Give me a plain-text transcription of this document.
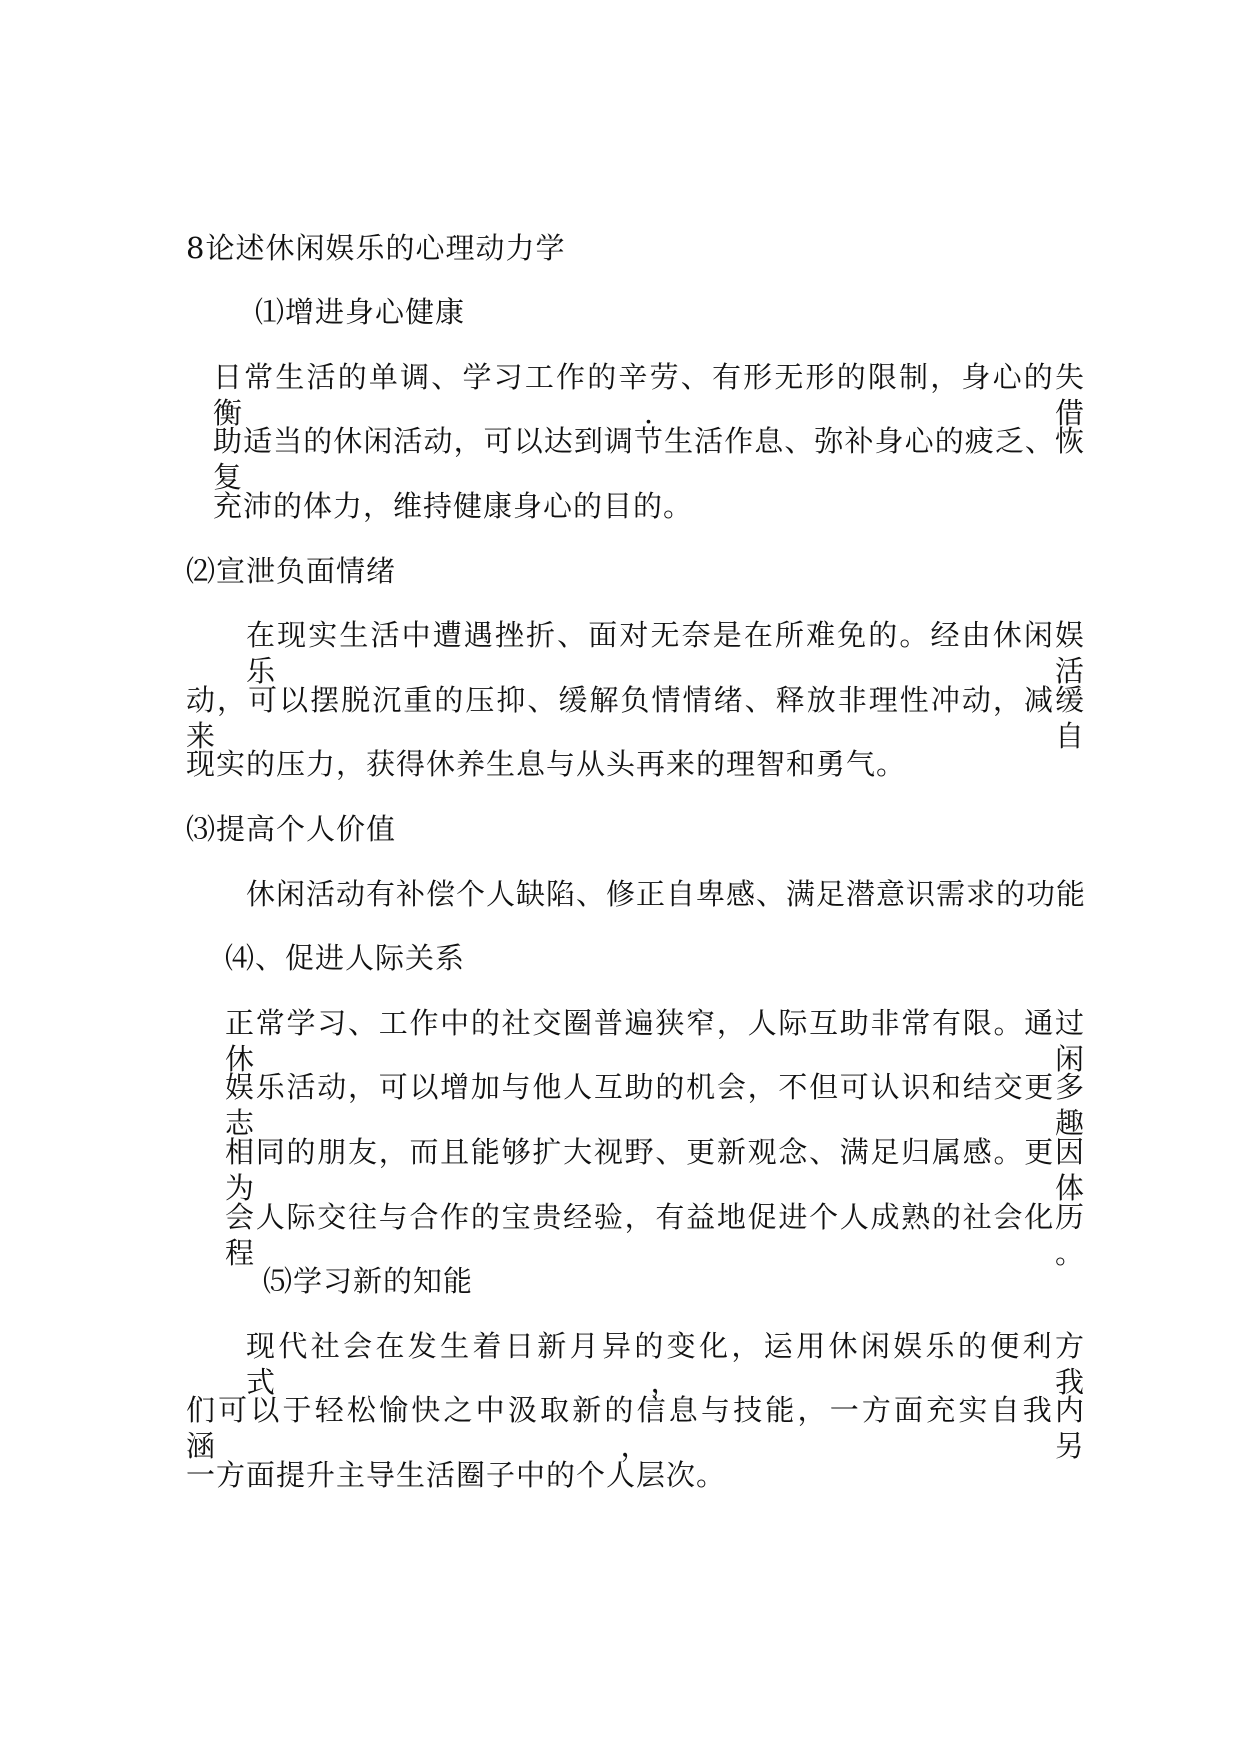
8论述休闲娱乐的心理动力学
⑴增进身心健康
日常生活的单调、学习工作的辛劳、有形无形的限制，身心的失衡.借
助适当的休闲活动，可以达到调节生活作息、弥补身心的疲乏、恢复
充沛的体力，维持健康身心的目的。
⑵宣泄负面情绪
在现实生活中遭遇挫折、面对无奈是在所难免的。经由休闲娱乐活
动，可以摆脱沉重的压抑、缓解负情情绪、释放非理性冲动，减缓来自
现实的压力，获得休养生息与从头再来的理智和勇气。
⑶提高个人价值
休闲活动有补偿个人缺陷、修正自卑感、满足潜意识需求的功能
⑷、促进人际关系
正常学习、工作中的社交圈普遍狭窄，人际互助非常有限。通过休闲
娱乐活动，可以增加与他人互助的机会，不但可认识和结交更多志趣
相同的朋友，而且能够扩大视野、更新观念、满足归属感。更因为体
会人际交往与合作的宝贵经验，有益地促进个人成熟的社会化历程。
⑸学习新的知能
现代社会在发生着日新月异的变化，运用休闲娱乐的便利方式，我
们可以于轻松愉快之中汲取新的信息与技能，一方面充实自我内涵，另
一方面提升主导生活圈子中的个人层次。
